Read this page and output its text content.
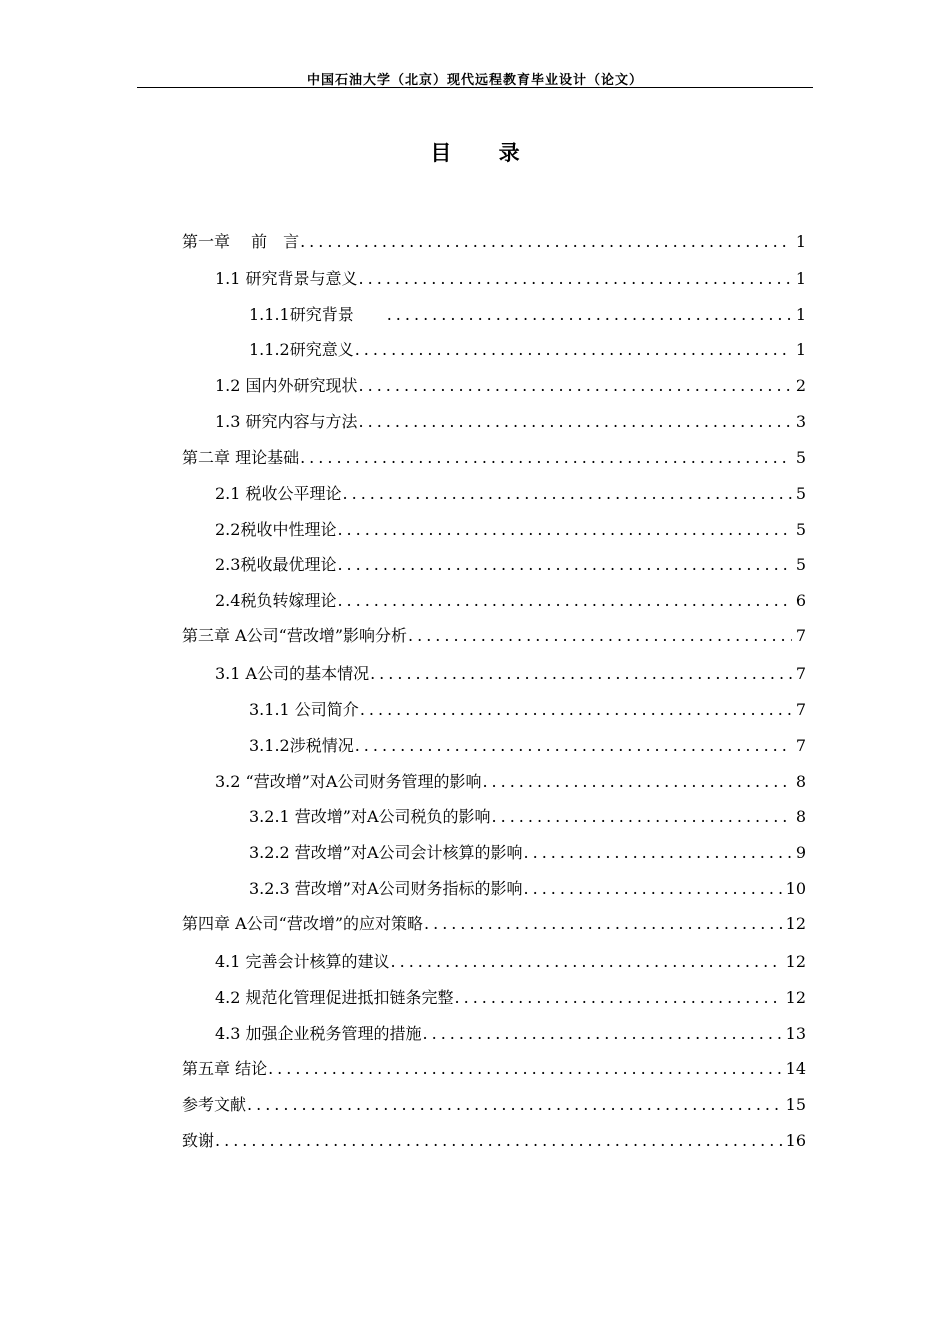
中国石油大学（北京）现代远程教育毕业设计（论文）
目 录
第一章　 前　言 .....	1
1.1 研究背景与意义 .....	1
1.1.1研究背景　　 .....	1
1.1.2研究意义 .....	1
1.2 国内外研究现状 .....	2
1.3 研究内容与方法 .....	3
第二章 理论基础 .....	5
2.1 税收公平理论 .....	5
2.2税收中性理论 .....	5
2.3税收最优理论 .....	5
2.4税负转嫁理论 .....	6
第三章 A公司“营改增”影响分析 .....	7
3.1 A公司的基本情况 .....	7
3.1.1 公司简介 .....	7
3.1.2涉税情况 .....	7
3.2 “营改增”对A公司财务管理的影响 .....	8
3.2.1 营改增”对A公司税负的影响 .....	8
3.2.2 营改增”对A公司会计核算的影响 .....	9
3.2.3 营改增”对A公司财务指标的影响 .....	10
第四章 A公司“营改增”的应对策略 .....	12
4.1 完善会计核算的建议 .....	12
4.2 规范化管理促进抵扣链条完整 .....	12
4.3 加强企业税务管理的措施 .....	13
第五章 结论 .....	14
参考文献 .....	15
致谢 .....	16
